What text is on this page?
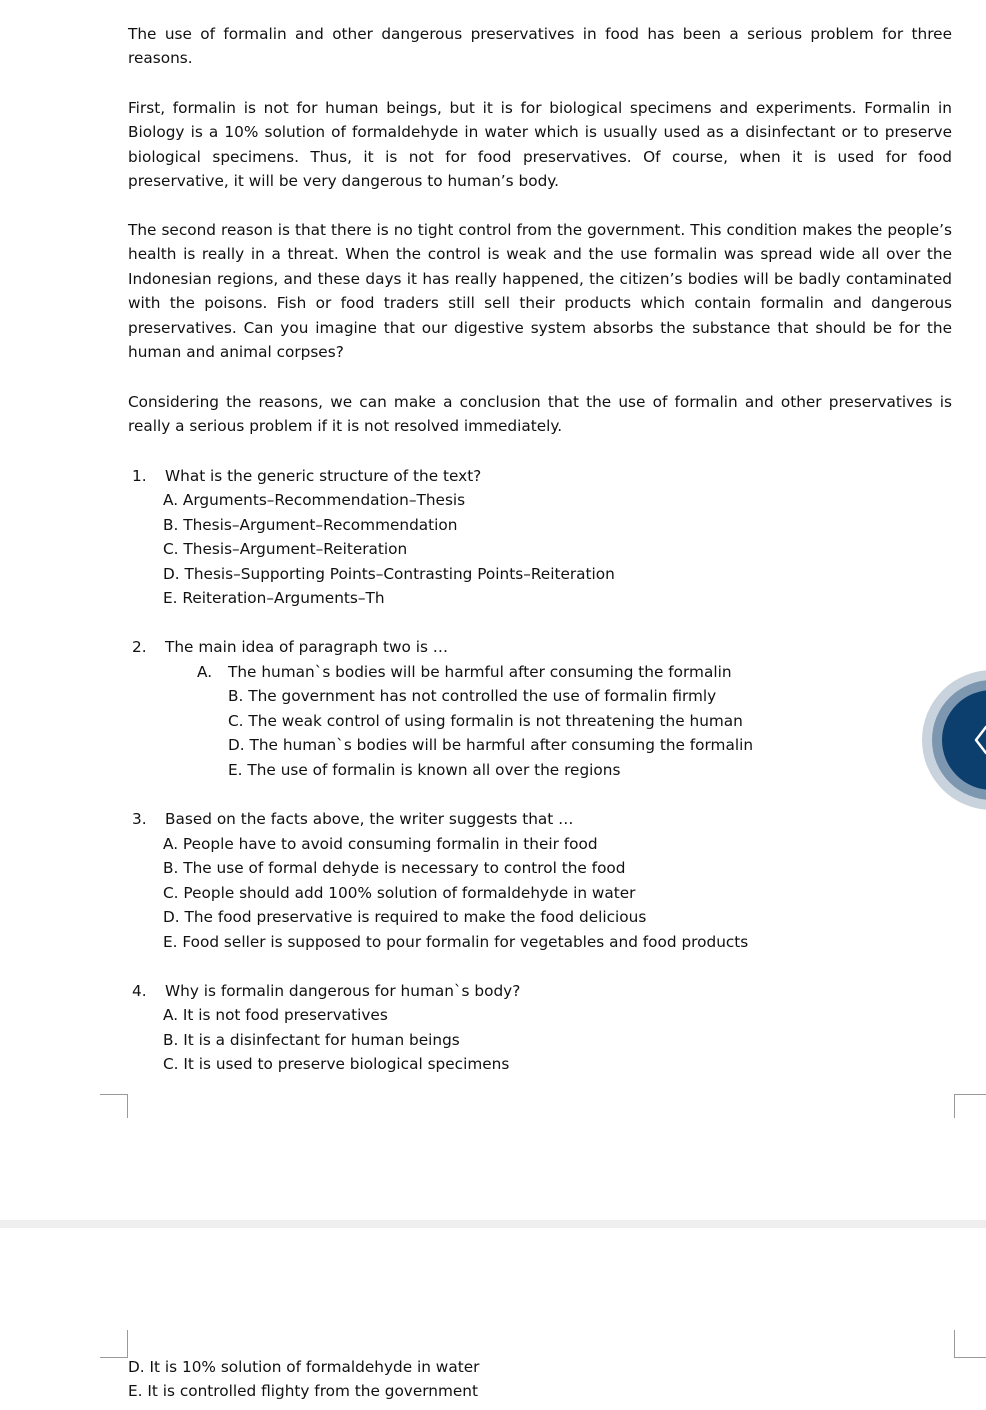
The use of formalin and other dangerous preservatives in food has been a serious problem for three reasons.

First, formalin is not for human beings, but it is for biological specimens and experiments. Formalin in Biology is a 10% solution of formaldehyde in water which is usually used as a disinfectant or to preserve biological specimens. Thus, it is not for food preservatives. Of course, when it is used for food preservative, it will be very dangerous to human’s body.

The second reason is that there is no tight control from the government. This condition makes the people’s health is really in a threat. When the control is weak and the use formalin was spread wide all over the Indonesian regions, and these days it has really happened, the citizen’s bodies will be badly contaminated with the poisons. Fish or food traders still sell their products which contain formalin and dangerous preservatives. Can you imagine that our digestive system absorbs the substance that should be for the human and animal corpses?

Considering the reasons, we can make a conclusion that the use of formalin and other preservatives is really a serious problem if it is not resolved immediately.

1. What is the generic structure of the text?

A. Arguments–Recommendation–Thesis

B. Thesis–Argument–Recommendation

C. Thesis–Argument–Reiteration

D. Thesis–Supporting Points–Contrasting Points–Reiteration

E. Reiteration–Arguments–Th

2. The main idea of paragraph two is …

A. The human`s bodies will be harmful after consuming the formalin

B. The government has not controlled the use of formalin firmly

C. The weak control of using formalin is not threatening the human

D. The human`s bodies will be harmful after consuming the formalin

E. The use of formalin is known all over the regions

3. Based on the facts above, the writer suggests that …

A. People have to avoid consuming formalin in their food

B. The use of formal dehyde is necessary to control the food

C. People should add 100% solution of formaldehyde in water

D. The food preservative is required to make the food delicious

E. Food seller is supposed to pour formalin for vegetables and food products

4. Why is formalin dangerous for human`s body?

A. It is not food preservatives

B. It is a disinfectant for human beings

C. It is used to preserve biological specimens

D. It is 10% solution of formaldehyde in water

E. It is controlled flighty from the government
